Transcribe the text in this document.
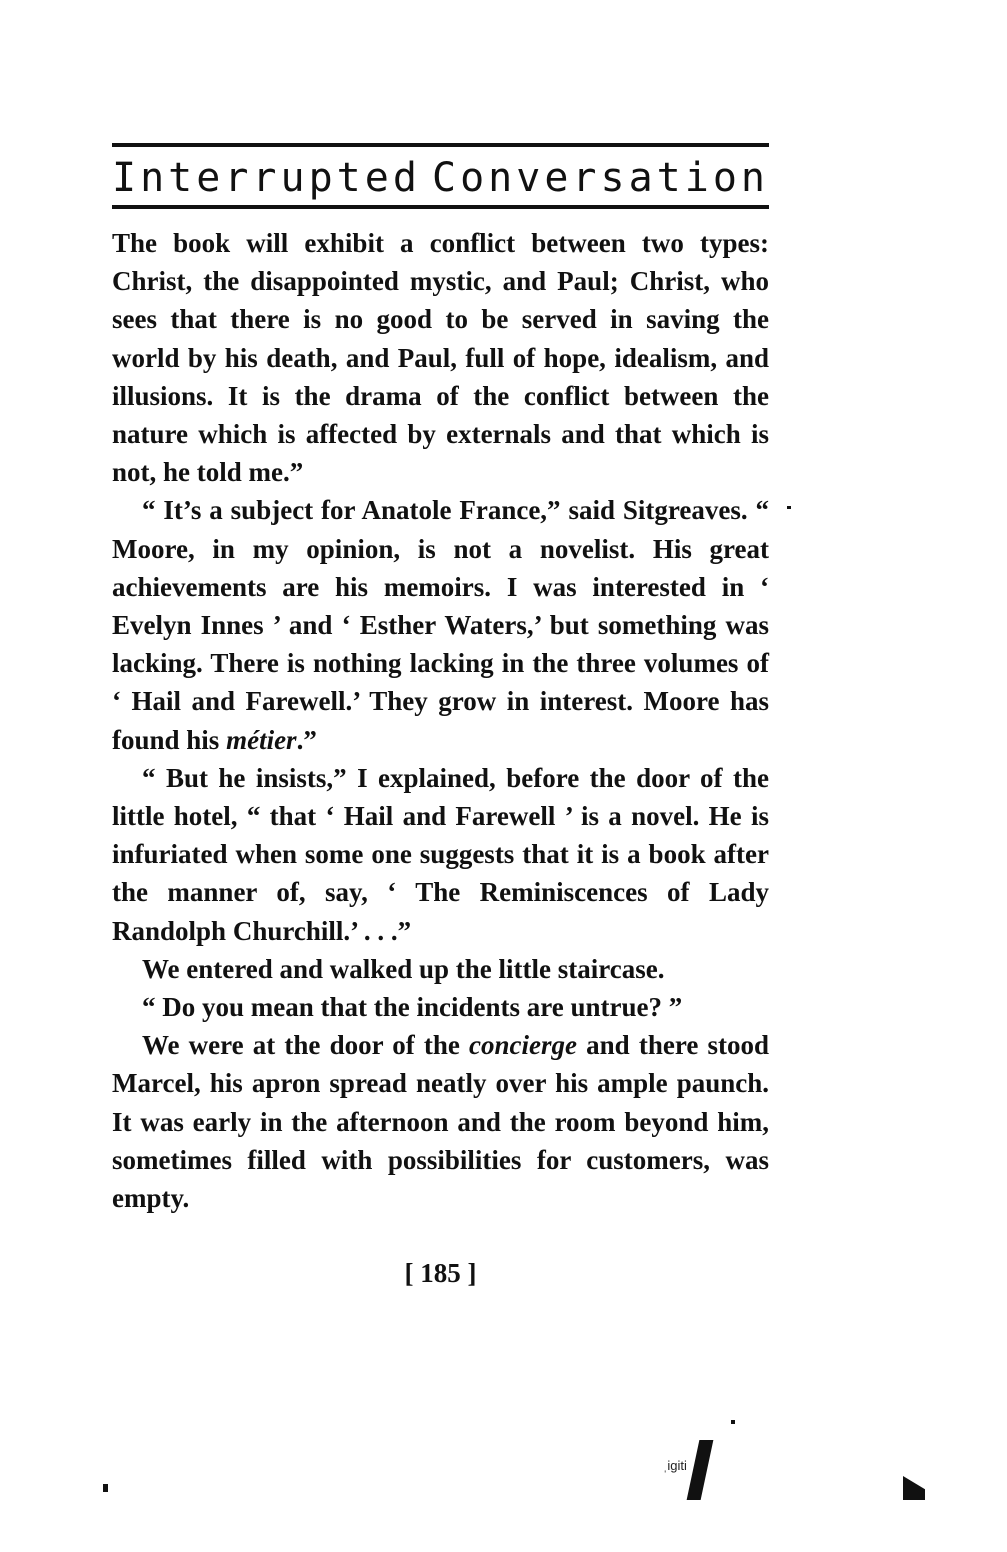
Interrupted Conversation

The book will exhibit a conflict between two types: Christ, the disappointed mystic, and Paul; Christ, who sees that there is no good to be served in saving the world by his death, and Paul, full of hope, idealism, and illusions. It is the drama of the conflict between the nature which is affected by externals and that which is not, he told me.”

“ It’s a subject for Anatole France,” said Sitgreaves. “ Moore, in my opinion, is not a novelist. His great achievements are his memoirs. I was interested in ‘ Evelyn Innes ’ and ‘ Esther Waters,’ but something was lacking. There is nothing lacking in the three volumes of ‘ Hail and Farewell.’ They grow in interest. Moore has found his métier.”

“ But he insists,” I explained, before the door of the little hotel, “ that ‘ Hail and Farewell ’ is a novel. He is infuriated when some one suggests that it is a book after the manner of, say, ‘ The Reminiscences of Lady Randolph Churchill.’ . . .”

We entered and walked up the little staircase.

“ Do you mean that the incidents are untrue? ”

We were at the door of the concierge and there stood Marcel, his apron spread neatly over his ample paunch. It was early in the afternoon and the room beyond him, sometimes filled with possibilities for customers, was empty.

[ 185 ]
ˌigiti
